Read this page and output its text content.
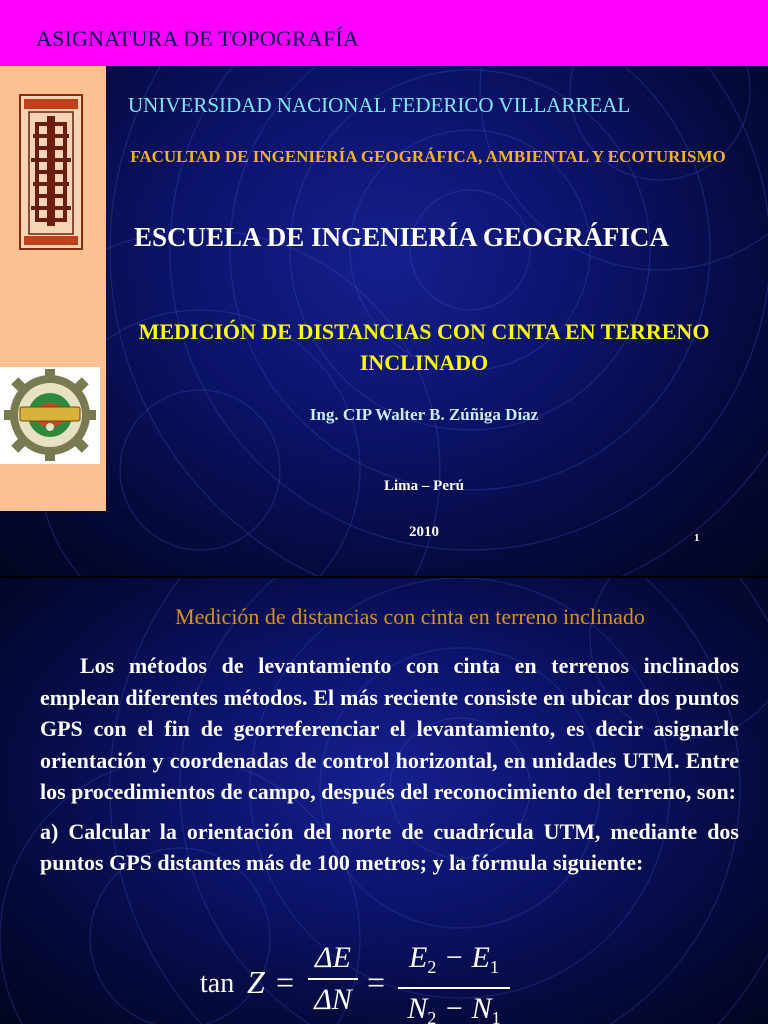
ASIGNATURA DE TOPOGRAFÍA
UNIVERSIDAD NACIONAL FEDERICO VILLARREAL
FACULTAD DE INGENIERÍA GEOGRÁFICA, AMBIENTAL Y ECOTURISMO
ESCUELA DE INGENIERÍA GEOGRÁFICA
MEDICIÓN DE DISTANCIAS CON CINTA EN TERRENO INCLINADO
Ing. CIP Walter B. Zúñiga Díaz
Lima – Perú
2010	1
Medición de distancias con cinta en terreno inclinado

Los métodos de levantamiento con cinta en terrenos inclinados emplean diferentes métodos. El más reciente consiste en ubicar dos puntos GPS con el fin de georreferenciar el levantamiento, es decir asignarle orientación y coordenadas de control horizontal, en unidades UTM. Entre los procedimientos de campo, después del reconocimiento del terreno, son:

a) Calcular la orientación del norte de cuadrícula UTM, mediante dos puntos GPS distantes más de 100 metros; y la fórmula siguiente:

tan Z =
ΔE
ΔN =
$E_2 - E_1$
$N_2 - N_1$
